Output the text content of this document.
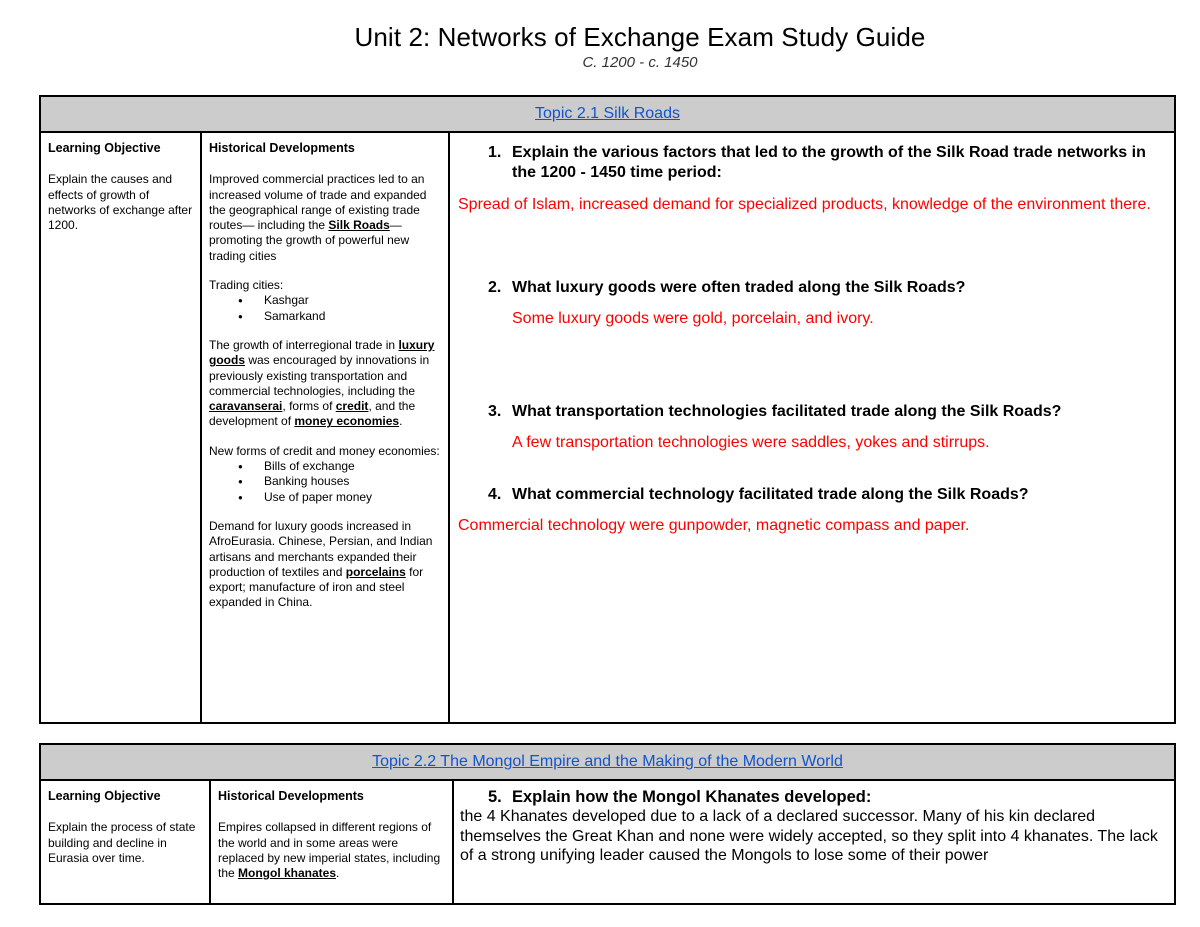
Unit 2: Networks of Exchange Exam Study Guide
C. 1200 - c. 1450
Topic 2.1 Silk Roads

Learning Objective

Explain the causes and effects of growth of networks of exchange after 1200.

Historical Developments

Improved commercial practices led to an increased volume of trade and expanded the geographical range of existing trade routes— including the Silk Roads—promoting the growth of powerful new trading cities

Trading cities:

● Kashgar
● Samarkand

The growth of interregional trade in luxury goods was encouraged by innovations in previously existing transportation and commercial technologies, including the caravanserai, forms of credit, and the development of money economies.

New forms of credit and money economies:

● Bills of exchange
● Banking houses
● Use of paper money

Demand for luxury goods increased in AfroEurasia. Chinese, Persian, and Indian artisans and merchants expanded their production of textiles and porcelains for export; manufacture of iron and steel expanded in China.

1. Explain the various factors that led to the growth of the Silk Road trade networks in the 1200 - 1450 time period:

Spread of Islam, increased demand for specialized products, knowledge of the environment there.

2. What luxury goods were often traded along the Silk Roads?

Some luxury goods were gold, porcelain, and ivory.

3. What transportation technologies facilitated trade along the Silk Roads?

A few transportation technologies were saddles, yokes and stirrups.

4. What commercial technology facilitated trade along the Silk Roads?

Commercial technology were gunpowder, magnetic compass and paper.

Topic 2.2 The Mongol Empire and the Making of the Modern World

Learning Objective

Explain the process of state building and decline in Eurasia over time.

Historical Developments

Empires collapsed in different regions of the world and in some areas were replaced by new imperial states, including the Mongol khanates.

5. Explain how the Mongol Khanates developed:

the 4 Khanates developed due to a lack of a declared successor. Many of his kin declared themselves the Great Khan and none were widely accepted, so they split into 4 khanates. The lack of a strong unifying leader caused the Mongols to lose some of their power
